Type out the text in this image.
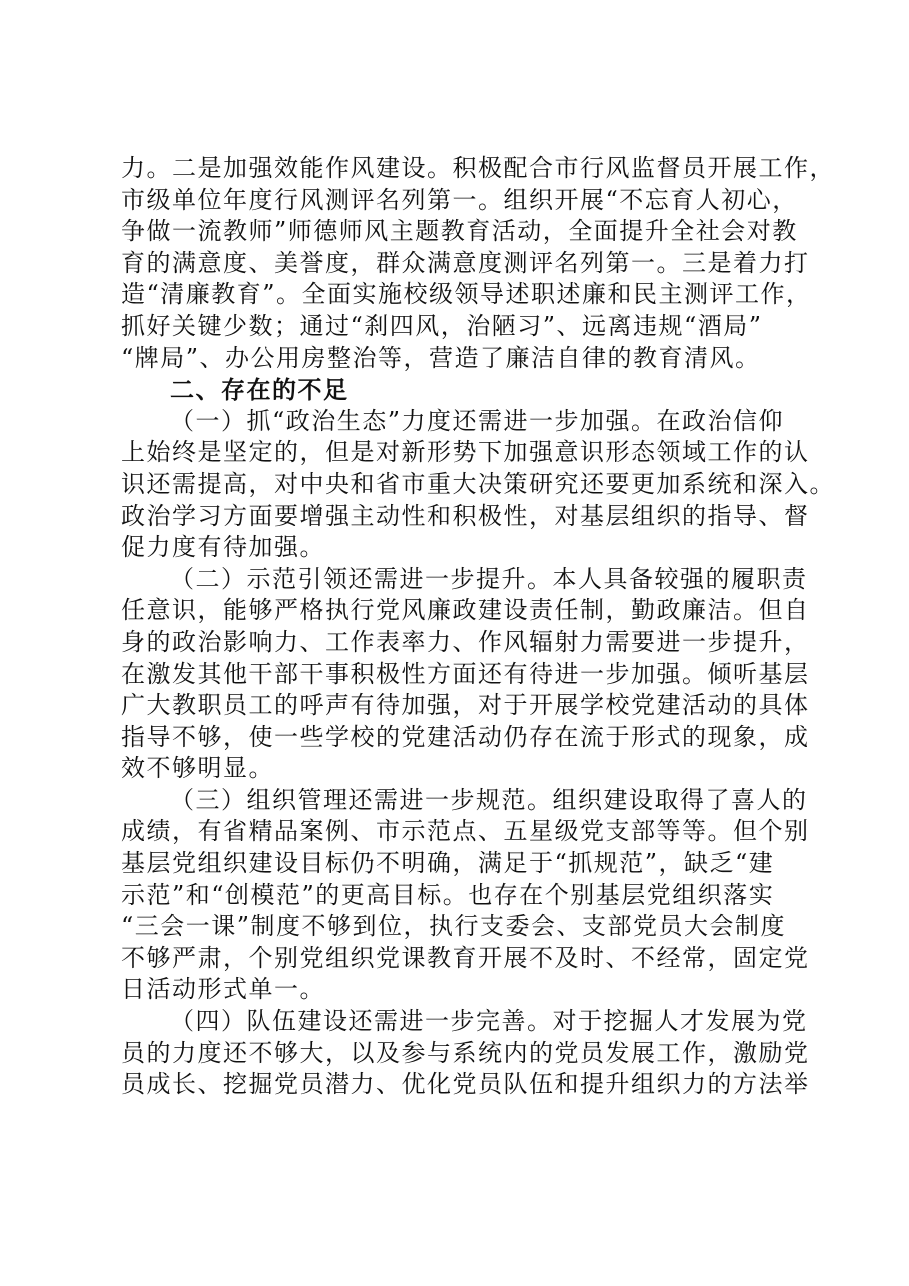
力。二是加强效能作风建设。积极配合市行风监督员开展工作，
市级单位年度行风测评名列第一。组织开展“不忘育人初心，
争做一流教师”师德师风主题教育活动，全面提升全社会对教
育的满意度、美誉度，群众满意度测评名列第一。三是着力打
造“清廉教育”。全面实施校级领导述职述廉和民主测评工作，
抓好关键少数；通过“刹四风，治陋习”、远离违规“酒局”
“牌局”、办公用房整治等，营造了廉洁自律的教育清风。
二、存在的不足
（一）抓“政治生态”力度还需进一步加强。在政治信仰
上始终是坚定的，但是对新形势下加强意识形态领域工作的认
识还需提高，对中央和省市重大决策研究还要更加系统和深入。
政治学习方面要增强主动性和积极性，对基层组织的指导、督
促力度有待加强。
（二）示范引领还需进一步提升。本人具备较强的履职责
任意识，能够严格执行党风廉政建设责任制，勤政廉洁。但自
身的政治影响力、工作表率力、作风辐射力需要进一步提升，
在激发其他干部干事积极性方面还有待进一步加强。倾听基层
广大教职员工的呼声有待加强，对于开展学校党建活动的具体
指导不够，使一些学校的党建活动仍存在流于形式的现象，成
效不够明显。
（三）组织管理还需进一步规范。组织建设取得了喜人的
成绩，有省精品案例、市示范点、五星级党支部等等。但个别
基层党组织建设目标仍不明确，满足于“抓规范”，缺乏“建
示范”和“创模范”的更高目标。也存在个别基层党组织落实
“三会一课”制度不够到位，执行支委会、支部党员大会制度
不够严肃，个别党组织党课教育开展不及时、不经常，固定党
日活动形式单一。
（四）队伍建设还需进一步完善。对于挖掘人才发展为党
员的力度还不够大，以及参与系统内的党员发展工作，激励党
员成长、挖掘党员潜力、优化党员队伍和提升组织力的方法举
